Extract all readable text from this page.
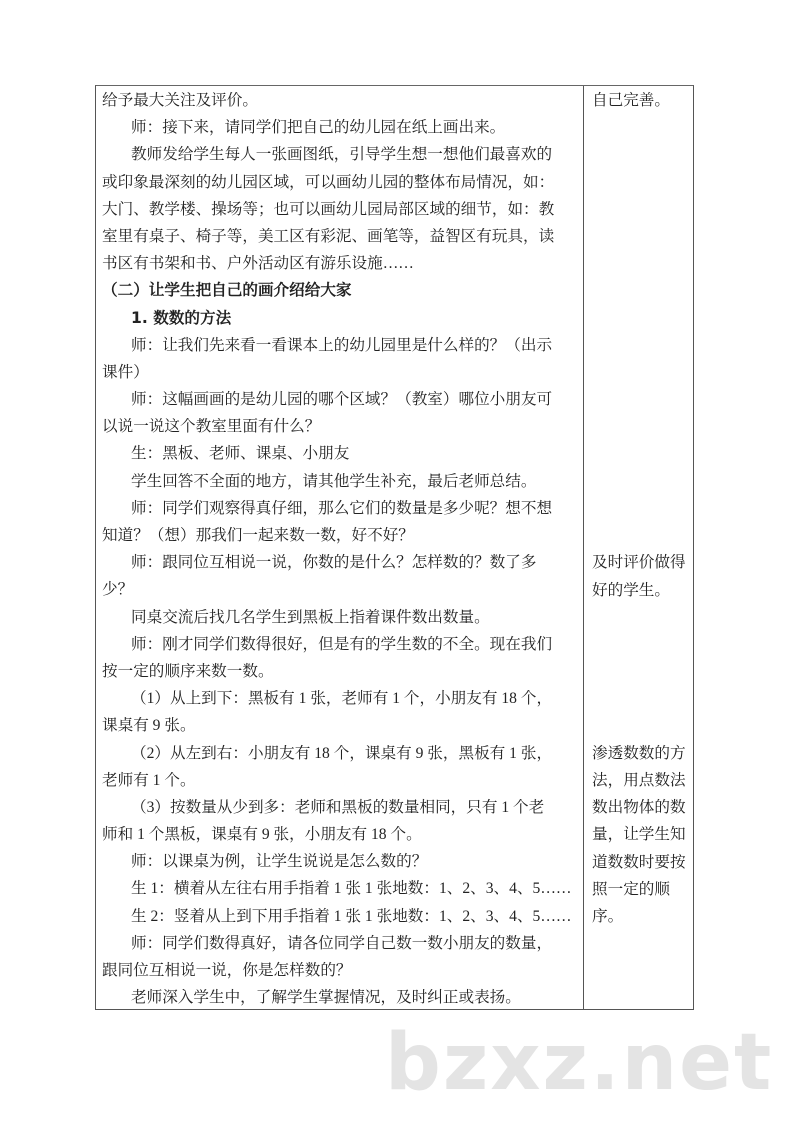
给予最大关注及评价。
师：接下来，请同学们把自己的幼儿园在纸上画出来。
教师发给学生每人一张画图纸，引导学生想一想他们最喜欢的
或印象最深刻的幼儿园区域，可以画幼儿园的整体布局情况，如：
大门、教学楼、操场等；也可以画幼儿园局部区域的细节，如：教
室里有桌子、椅子等，美工区有彩泥、画笔等，益智区有玩具，读
书区有书架和书、户外活动区有游乐设施……
（二）让学生把自己的画介绍给大家
1. 数数的方法
师：让我们先来看一看课本上的幼儿园里是什么样的？（出示
课件）
师：这幅画画的是幼儿园的哪个区域？（教室）哪位小朋友可
以说一说这个教室里面有什么？
生：黑板、老师、课桌、小朋友
学生回答不全面的地方，请其他学生补充，最后老师总结。
师：同学们观察得真仔细，那么它们的数量是多少呢？想不想
知道？（想）那我们一起来数一数，好不好？
师：跟同位互相说一说，你数的是什么？怎样数的？数了多
少？
同桌交流后找几名学生到黑板上指着课件数出数量。
师：刚才同学们数得很好，但是有的学生数的不全。现在我们
按一定的顺序来数一数。
（1）从上到下：黑板有 1 张，老师有 1 个，小朋友有 18 个，
课桌有 9 张。
（2）从左到右：小朋友有 18 个，课桌有 9 张，黑板有 1 张，
老师有 1 个。
（3）按数量从少到多：老师和黑板的数量相同，只有 1 个老
师和 1 个黑板，课桌有 9 张，小朋友有 18 个。
师：以课桌为例，让学生说说是怎么数的？
生 1：横着从左往右用手指着 1 张 1 张地数：1、2、3、4、5……
生 2：竖着从上到下用手指着 1 张 1 张地数：1、2、3、4、5……
师：同学们数得真好，请各位同学自己数一数小朋友的数量，
跟同位互相说一说，你是怎样数的？
老师深入学生中，了解学生掌握情况，及时纠正或表扬。
自己完善。
及时评价做得
好的学生。
渗透数数的方
法，用点数法
数出物体的数
量，让学生知
道数数时要按
照一定的顺
序。
bzxz.net
